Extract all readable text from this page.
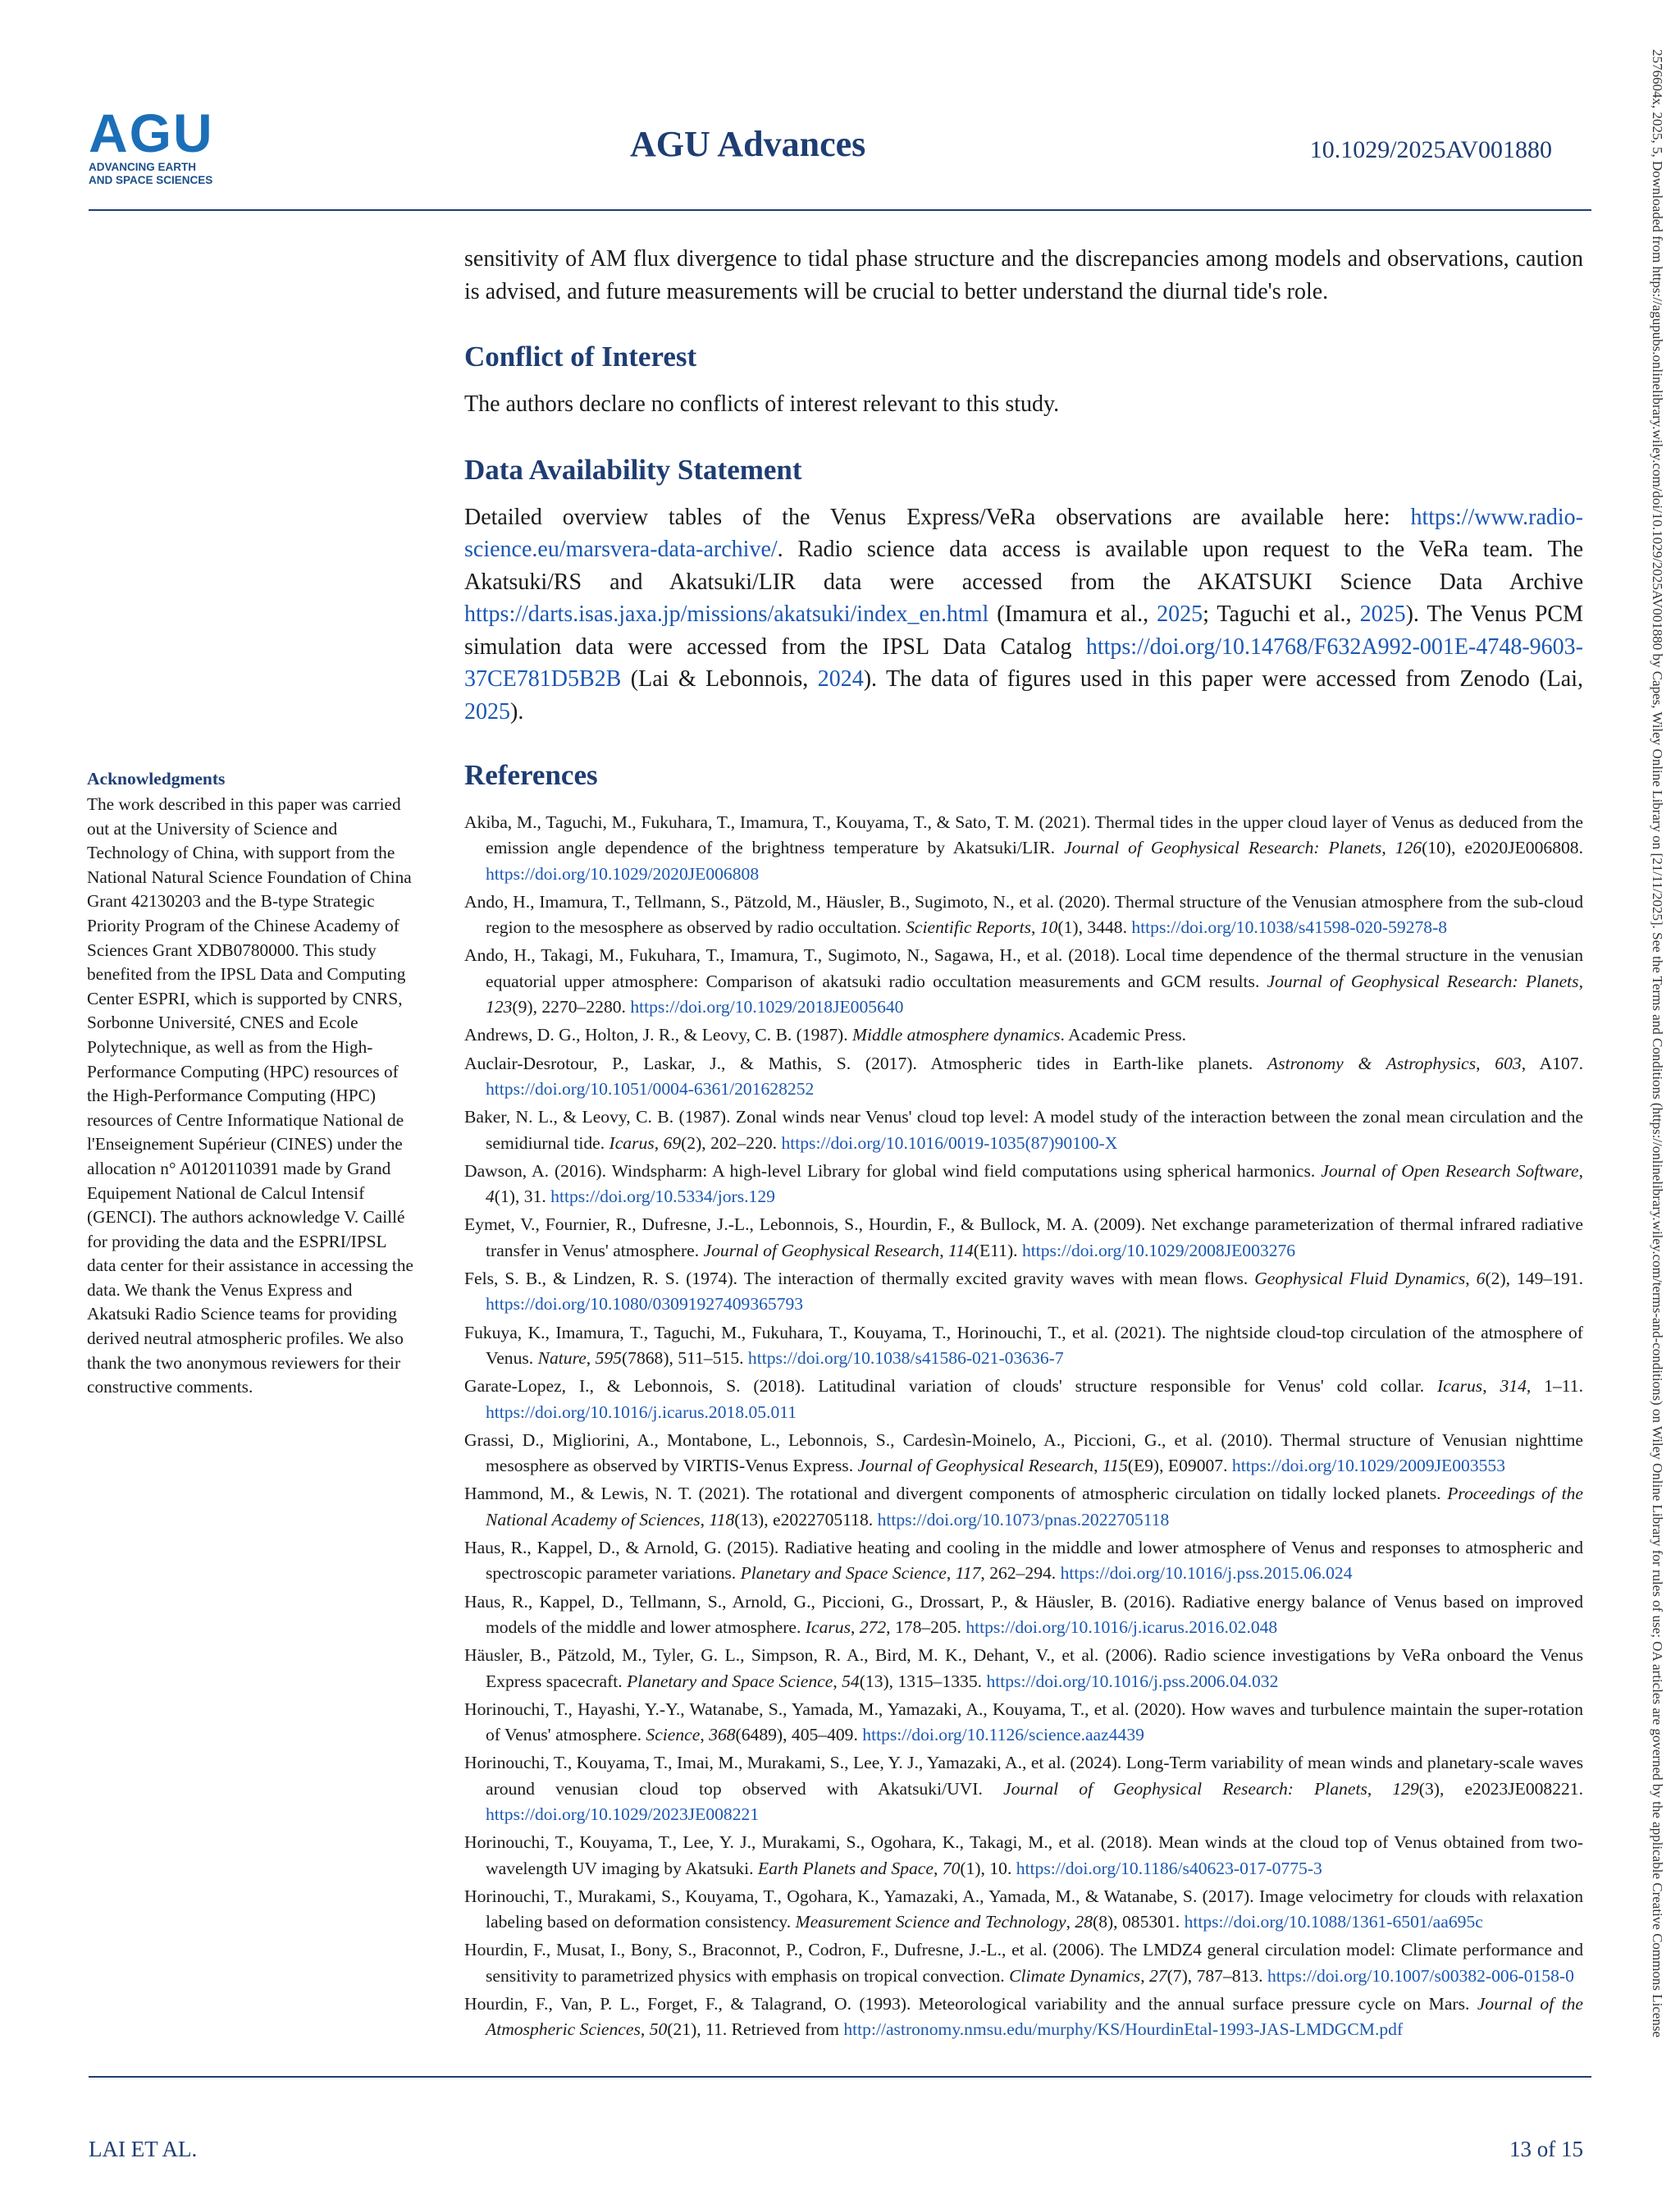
AGU
ADVANCING EARTH
AND SPACE SCIENCES
AGU Advances	10.1029/2025AV001880	2576604x, 2025, 5, Downloaded from https://agupubs.onlinelibrary.wiley.com/doi/10.1029/2025AV001880 by Capes, Wiley Online Library on [21/11/2025]. See the Terms and Conditions (https://onlinelibrary.wiley.com/terms-and-conditions) on Wiley Online Library for rules of use; OA articles are governed by the applicable Creative Commons License
Acknowledgments

The work described in this paper was carried out at the University of Science and Technology of China, with support from the National Natural Science Foundation of China Grant 42130203 and the B-type Strategic Priority Program of the Chinese Academy of Sciences Grant XDB0780000. This study benefited from the IPSL Data and Computing Center ESPRI, which is supported by CNRS, Sorbonne Université, CNES and Ecole Polytechnique, as well as from the High-Performance Computing (HPC) resources of the High-Performance Computing (HPC) resources of Centre Informatique National de l'Enseignement Supérieur (CINES) under the allocation n° A0120110391 made by Grand Equipement National de Calcul Intensif (GENCI). The authors acknowledge V. Caillé for providing the data and the ESPRI/IPSL data center for their assistance in accessing the data. We thank the Venus Express and Akatsuki Radio Science teams for providing derived neutral atmospheric profiles. We also thank the two anonymous reviewers for their constructive comments.

sensitivity of AM flux divergence to tidal phase structure and the discrepancies among models and observations, caution is advised, and future measurements will be crucial to better understand the diurnal tide's role.

Conflict of Interest

The authors declare no conflicts of interest relevant to this study.

Data Availability Statement

Detailed overview tables of the Venus Express/VeRa observations are available here: https://www.radio-science.eu/marsvera-data-archive/. Radio science data access is available upon request to the VeRa team. The Akatsuki/RS and Akatsuki/LIR data were accessed from the AKATSUKI Science Data Archive https://darts.isas.jaxa.jp/missions/akatsuki/index_en.html (Imamura et al., 2025; Taguchi et al., 2025). The Venus PCM simulation data were accessed from the IPSL Data Catalog https://doi.org/10.14768/F632A992-001E-4748-9603-37CE781D5B2B (Lai & Lebonnois, 2024). The data of figures used in this paper were accessed from Zenodo (Lai, 2025).

References

Akiba, M., Taguchi, M., Fukuhara, T., Imamura, T., Kouyama, T., & Sato, T. M. (2021). Thermal tides in the upper cloud layer of Venus as deduced from the emission angle dependence of the brightness temperature by Akatsuki/LIR. Journal of Geophysical Research: Planets, 126(10), e2020JE006808. https://doi.org/10.1029/2020JE006808

Ando, H., Imamura, T., Tellmann, S., Pätzold, M., Häusler, B., Sugimoto, N., et al. (2020). Thermal structure of the Venusian atmosphere from the sub-cloud region to the mesosphere as observed by radio occultation. Scientific Reports, 10(1), 3448. https://doi.org/10.1038/s41598-020-59278-8

Ando, H., Takagi, M., Fukuhara, T., Imamura, T., Sugimoto, N., Sagawa, H., et al. (2018). Local time dependence of the thermal structure in the venusian equatorial upper atmosphere: Comparison of akatsuki radio occultation measurements and GCM results. Journal of Geophysical Research: Planets, 123(9), 2270–2280. https://doi.org/10.1029/2018JE005640

Andrews, D. G., Holton, J. R., & Leovy, C. B. (1987). Middle atmosphere dynamics. Academic Press.

Auclair-Desrotour, P., Laskar, J., & Mathis, S. (2017). Atmospheric tides in Earth-like planets. Astronomy & Astrophysics, 603, A107. https://doi.org/10.1051/0004-6361/201628252

Baker, N. L., & Leovy, C. B. (1987). Zonal winds near Venus' cloud top level: A model study of the interaction between the zonal mean circulation and the semidiurnal tide. Icarus, 69(2), 202–220. https://doi.org/10.1016/0019-1035(87)90100-X

Dawson, A. (2016). Windspharm: A high-level Library for global wind field computations using spherical harmonics. Journal of Open Research Software, 4(1), 31. https://doi.org/10.5334/jors.129

Eymet, V., Fournier, R., Dufresne, J.-L., Lebonnois, S., Hourdin, F., & Bullock, M. A. (2009). Net exchange parameterization of thermal infrared radiative transfer in Venus' atmosphere. Journal of Geophysical Research, 114(E11). https://doi.org/10.1029/2008JE003276

Fels, S. B., & Lindzen, R. S. (1974). The interaction of thermally excited gravity waves with mean flows. Geophysical Fluid Dynamics, 6(2), 149–191. https://doi.org/10.1080/03091927409365793

Fukuya, K., Imamura, T., Taguchi, M., Fukuhara, T., Kouyama, T., Horinouchi, T., et al. (2021). The nightside cloud-top circulation of the atmosphere of Venus. Nature, 595(7868), 511–515. https://doi.org/10.1038/s41586-021-03636-7

Garate-Lopez, I., & Lebonnois, S. (2018). Latitudinal variation of clouds' structure responsible for Venus' cold collar. Icarus, 314, 1–11. https://doi.org/10.1016/j.icarus.2018.05.011

Grassi, D., Migliorini, A., Montabone, L., Lebonnois, S., Cardesìn-Moinelo, A., Piccioni, G., et al. (2010). Thermal structure of Venusian nighttime mesosphere as observed by VIRTIS-Venus Express. Journal of Geophysical Research, 115(E9), E09007. https://doi.org/10.1029/2009JE003553

Hammond, M., & Lewis, N. T. (2021). The rotational and divergent components of atmospheric circulation on tidally locked planets. Proceedings of the National Academy of Sciences, 118(13), e2022705118. https://doi.org/10.1073/pnas.2022705118

Haus, R., Kappel, D., & Arnold, G. (2015). Radiative heating and cooling in the middle and lower atmosphere of Venus and responses to atmospheric and spectroscopic parameter variations. Planetary and Space Science, 117, 262–294. https://doi.org/10.1016/j.pss.2015.06.024

Haus, R., Kappel, D., Tellmann, S., Arnold, G., Piccioni, G., Drossart, P., & Häusler, B. (2016). Radiative energy balance of Venus based on improved models of the middle and lower atmosphere. Icarus, 272, 178–205. https://doi.org/10.1016/j.icarus.2016.02.048

Häusler, B., Pätzold, M., Tyler, G. L., Simpson, R. A., Bird, M. K., Dehant, V., et al. (2006). Radio science investigations by VeRa onboard the Venus Express spacecraft. Planetary and Space Science, 54(13), 1315–1335. https://doi.org/10.1016/j.pss.2006.04.032

Horinouchi, T., Hayashi, Y.-Y., Watanabe, S., Yamada, M., Yamazaki, A., Kouyama, T., et al. (2020). How waves and turbulence maintain the super-rotation of Venus' atmosphere. Science, 368(6489), 405–409. https://doi.org/10.1126/science.aaz4439

Horinouchi, T., Kouyama, T., Imai, M., Murakami, S., Lee, Y. J., Yamazaki, A., et al. (2024). Long-Term variability of mean winds and planetary-scale waves around venusian cloud top observed with Akatsuki/UVI. Journal of Geophysical Research: Planets, 129(3), e2023JE008221. https://doi.org/10.1029/2023JE008221

Horinouchi, T., Kouyama, T., Lee, Y. J., Murakami, S., Ogohara, K., Takagi, M., et al. (2018). Mean winds at the cloud top of Venus obtained from two-wavelength UV imaging by Akatsuki. Earth Planets and Space, 70(1), 10. https://doi.org/10.1186/s40623-017-0775-3

Horinouchi, T., Murakami, S., Kouyama, T., Ogohara, K., Yamazaki, A., Yamada, M., & Watanabe, S. (2017). Image velocimetry for clouds with relaxation labeling based on deformation consistency. Measurement Science and Technology, 28(8), 085301. https://doi.org/10.1088/1361-6501/aa695c

Hourdin, F., Musat, I., Bony, S., Braconnot, P., Codron, F., Dufresne, J.-L., et al. (2006). The LMDZ4 general circulation model: Climate performance and sensitivity to parametrized physics with emphasis on tropical convection. Climate Dynamics, 27(7), 787–813. https://doi.org/10.1007/s00382-006-0158-0

Hourdin, F., Van, P. L., Forget, F., & Talagrand, O. (1993). Meteorological variability and the annual surface pressure cycle on Mars. Journal of the Atmospheric Sciences, 50(21), 11. Retrieved from http://astronomy.nmsu.edu/murphy/KS/HourdinEtal-1993-JAS-LMDGCM.pdf

LAI ET AL.	13 of 15
